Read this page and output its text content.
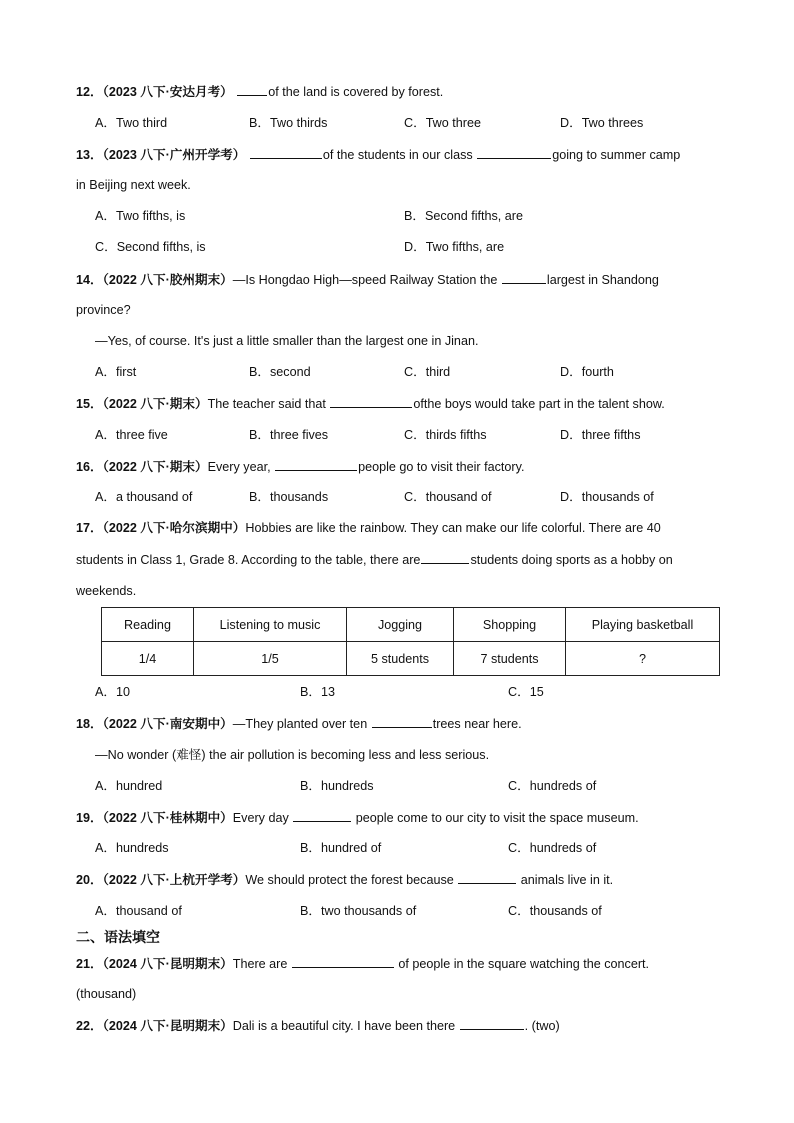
12．（2023 八下·安达月考）	of the land is covered by forest.
A．Two third	B．Two thirds	C．Two three	D．Two threes
13．（2023 八下·广州开学考）	of the students in our class	going to summer camp
in Beijing next week.
A．Two fifths, is	B．Second fifths, are
C．Second fifths, is	D．Two fifths, are
14．（2022 八下·胶州期末）—Is Hongdao High—speed Railway Station the	largest in Shandong
province?
—Yes, of course. It's just a little smaller than the largest one in Jinan.
A．first	B．second	C．third	D．fourth
15．（2022 八下·期末）The teacher said that	ofthe boys would take part in the talent show.
A．three five	B．three fives	C．thirds fifths	D．three fifths
16．（2022 八下·期末）Every year,	people go to visit their factory.
A．a thousand of	B．thousands	C．thousand of	D．thousands of
17．（2022 八下·哈尔滨期中）Hobbies are like the rainbow. They can make our life colorful. There are 40
students in Class 1, Grade 8. According to the table, there are	students doing sports as a hobby on
weekends.
Reading	Listening to music	Jogging	Shopping	Playing basketball
1/4	1/5	5 students	7 students	?
A．10	B．13	C．15
18．（2022 八下·南安期中）—They planted over ten	trees near here.
—No wonder (难怪) the air pollution is becoming less and less serious.
A．hundred	B．hundreds	C．hundreds of
19．（2022 八下·桂林期中）Every day	people come to our city to visit the space museum.
A．hundreds	B．hundred of	C．hundreds of
20．（2022 八下·上杭开学考）We should protect the forest because	animals live in it.
A．thousand of	B．two thousands of	C．thousands of
二、语法填空
21．（2024 八下·昆明期末）There are	of people in the square watching the concert.
(thousand)
22．（2024 八下·昆明期末）Dali is a beautiful city. I have been there	. (two)
